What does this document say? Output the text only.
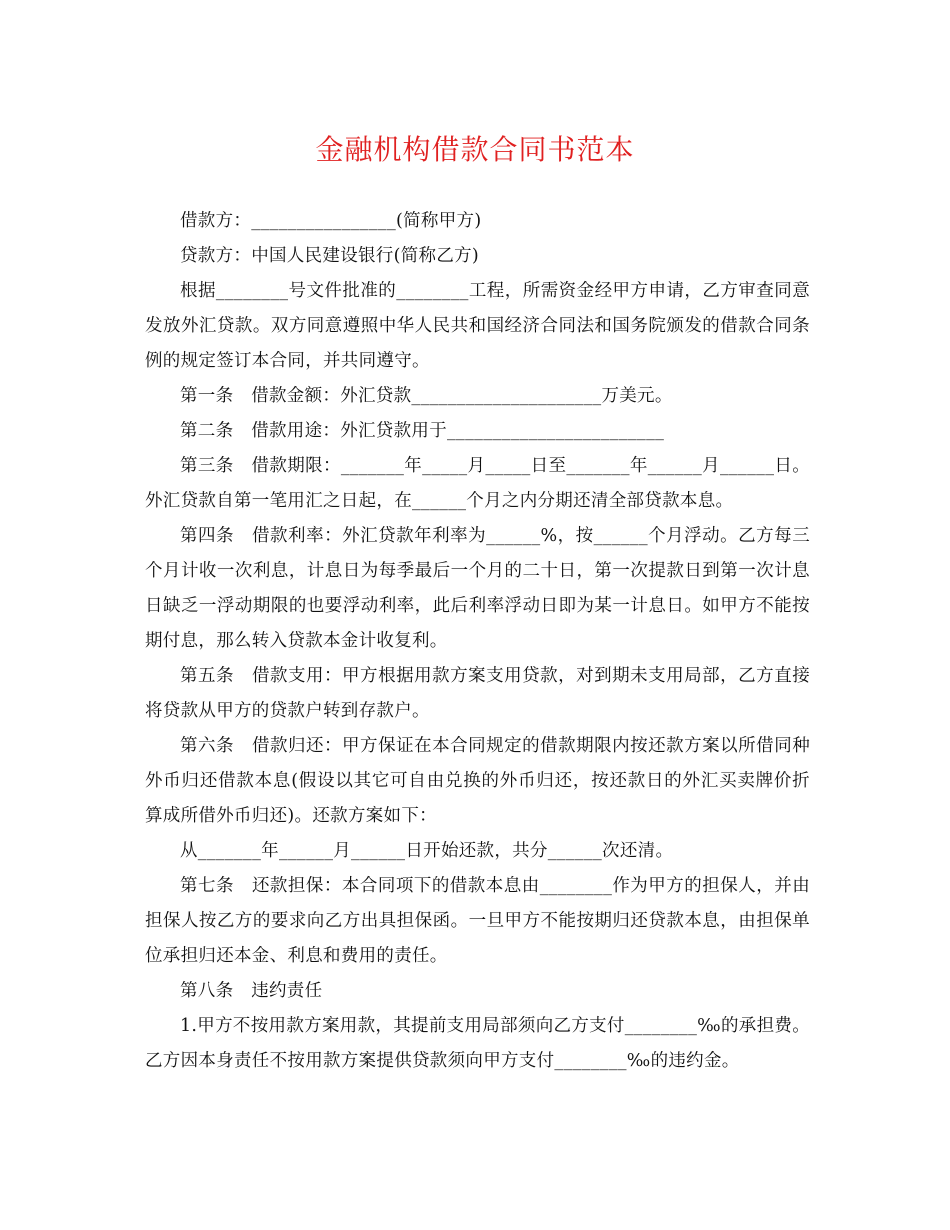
金融机构借款合同书范本

借款方：________________(简称甲方)

贷款方：中国人民建设银行(简称乙方)

根据________号文件批准的________工程，所需资金经甲方申请，乙方审查同意发放外汇贷款。双方同意遵照中华人民共和国经济合同法和国务院颁发的借款合同条例的规定签订本合同，并共同遵守。

第一条　借款金额：外汇贷款_____________________万美元。

第二条　借款用途：外汇贷款用于________________________

第三条　借款期限：_______年_____月_____日至_______年______月______日。外汇贷款自第一笔用汇之日起，在______个月之内分期还清全部贷款本息。

第四条　借款利率：外汇贷款年利率为______%，按______个月浮动。乙方每三个月计收一次利息，计息日为每季最后一个月的二十日，第一次提款日到第一次计息日缺乏一浮动期限的也要浮动利率，此后利率浮动日即为某一计息日。如甲方不能按期付息，那么转入贷款本金计收复利。

第五条　借款支用：甲方根据用款方案支用贷款，对到期未支用局部，乙方直接将贷款从甲方的贷款户转到存款户。

第六条　借款归还：甲方保证在本合同规定的借款期限内按还款方案以所借同种外币归还借款本息(假设以其它可自由兑换的外币归还，按还款日的外汇买卖牌价折算成所借外币归还)。还款方案如下：

从_______年______月______日开始还款，共分______次还清。

第七条　还款担保：本合同项下的借款本息由________作为甲方的担保人，并由担保人按乙方的要求向乙方出具担保函。一旦甲方不能按期归还贷款本息，由担保单位承担归还本金、利息和费用的责任。

第八条　违约责任

1.甲方不按用款方案用款，其提前支用局部须向乙方支付________‰的承担费。乙方因本身责任不按用款方案提供贷款须向甲方支付________‰的违约金。
